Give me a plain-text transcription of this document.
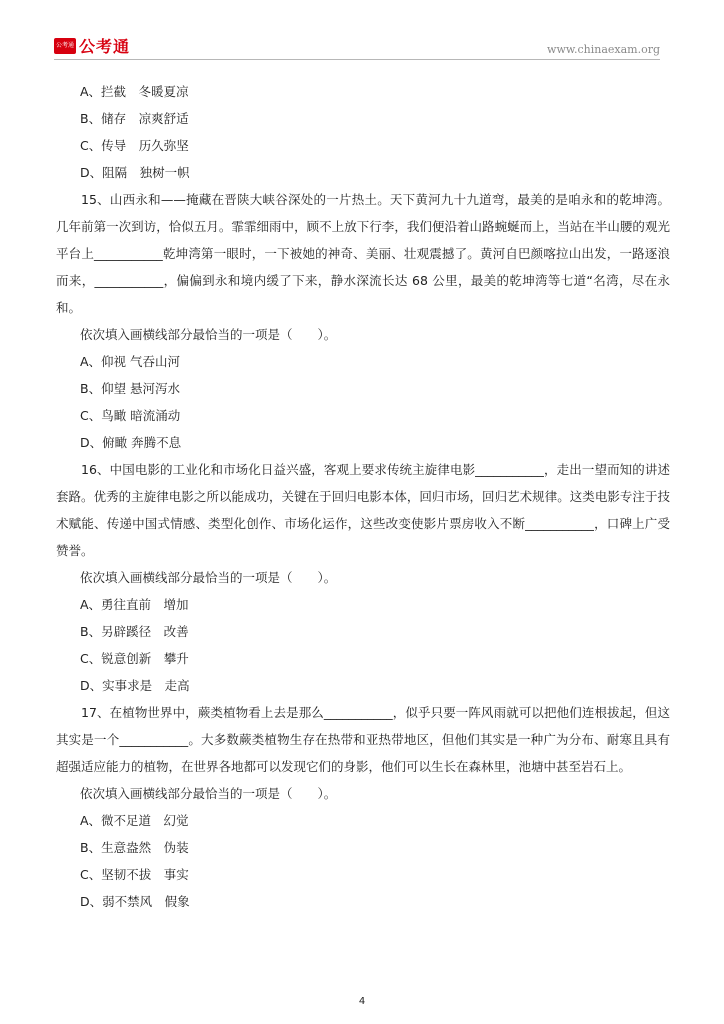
公考通 公考通	www.chinaexam.org

A、拦截　冬暖夏凉

B、储存　凉爽舒适

C、传导　历久弥坚

D、阻隔　独树一帜

15、山西永和——掩藏在晋陕大峡谷深处的一片热土。天下黄河九十九道弯，最美的是咱永和的乾坤湾。几年前第一次到访，恰似五月。霏霏细雨中，顾不上放下行李，我们便沿着山路蜿蜒而上，当站在半山腰的观光平台上___________乾坤湾第一眼时，一下被她的神奇、美丽、壮观震撼了。黄河自巴颜喀拉山出发，一路逐浪而来，___________，偏偏到永和境内缓了下来，静水深流长达 68 公里，最美的乾坤湾等七道“名湾，尽在永和。

依次填入画横线部分最恰当的一项是（　　）。

A、仰视 气吞山河

B、仰望 悬河泻水

C、鸟瞰 暗流涌动

D、俯瞰 奔腾不息

16、中国电影的工业化和市场化日益兴盛，客观上要求传统主旋律电影___________，走出一望而知的讲述套路。优秀的主旋律电影之所以能成功，关键在于回归电影本体，回归市场，回归艺术规律。这类电影专注于技术赋能、传递中国式情感、类型化创作、市场化运作，这些改变使影片票房收入不断___________，口碑上广受赞誉。

依次填入画横线部分最恰当的一项是（　　）。

A、勇往直前　增加

B、另辟蹊径　改善

C、锐意创新　攀升

D、实事求是　走高

17、在植物世界中，蕨类植物看上去是那么___________，似乎只要一阵风雨就可以把他们连根拔起，但这其实是一个___________。大多数蕨类植物生存在热带和亚热带地区，但他们其实是一种广为分布、耐寒且具有超强适应能力的植物，在世界各地都可以发现它们的身影，他们可以生长在森林里，池塘中甚至岩石上。

依次填入画横线部分最恰当的一项是（　　）。

A、微不足道　幻觉

B、生意盎然　伪装

C、坚韧不拔　事实

D、弱不禁风　假象

4
